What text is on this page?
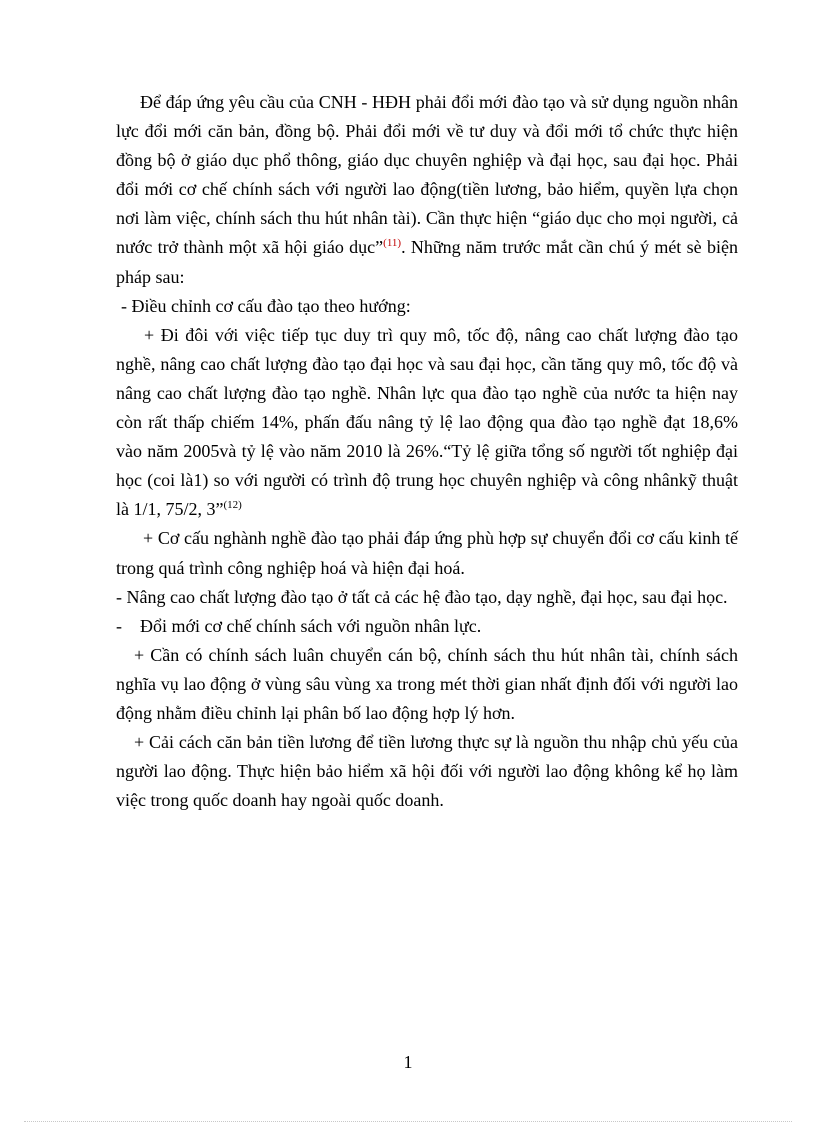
Để đáp ứng yêu cầu của CNH - HĐH phải đổi mới đào tạo và sử dụng nguồn nhân lực đổi mới căn bản, đồng bộ. Phải đổi mới về tư duy và đổi mới tổ chức thực hiện đồng bộ ở giáo dục phổ thông, giáo dục chuyên nghiệp và đại học, sau đại học. Phải đổi mới cơ chế chính sách với người lao động(tiền lương, bảo hiểm, quyền lựa chọn nơi làm việc, chính sách thu hút nhân tài). Cần thực hiện “giáo dục cho mọi người, cả nước trở thành một xã hội giáo dục”$^{(11)}$. Những năm trước mắt cần chú ý mét sè biện pháp sau:

- Điều chỉnh cơ cấu đào tạo theo hướng:

+ Đi đôi với việc tiếp tục duy trì quy mô, tốc độ, nâng cao chất lượng đào tạo nghề, nâng cao chất lượng đào tạo đại học và sau đại học, cần tăng quy mô, tốc độ và nâng cao chất lượng đào tạo nghề. Nhân lực qua đào tạo nghề của nước ta hiện nay còn rất thấp chiếm 14%, phấn đấu nâng tỷ lệ lao động qua đào tạo nghề đạt 18,6% vào năm 2005và tỷ lệ vào năm 2010 là 26%.“Tỷ lệ giữa tổng số người tốt nghiệp đại học (coi là1) so với người có trình độ trung học chuyên nghiệp và công nhânkỹ thuật là 1/1, 75/2, 3”$^{(12)}$

+ Cơ cấu nghành nghề đào tạo phải đáp ứng phù hợp sự chuyển đổi cơ cấu kinh tế trong quá trình công nghiệp hoá và hiện đại hoá.

- Nâng cao chất lượng đào tạo ở tất cả các hệ đào tạo, dạy nghề, đại học, sau đại học.

-    Đổi mới cơ chế chính sách với nguồn nhân lực.

+ Cần có chính sách luân chuyển cán bộ, chính sách thu hút nhân tài, chính sách nghĩa vụ lao động ở vùng sâu vùng xa trong mét thời gian nhất định đối với người lao động nhằm điều chỉnh lại phân bố lao động hợp lý hơn.

+ Cải cách căn bản tiền lương để tiền lương thực sự là nguồn thu nhập chủ yếu của người lao động. Thực hiện bảo hiểm xã hội đối với người lao động không kể họ làm việc trong quốc doanh hay ngoài quốc doanh.

1
